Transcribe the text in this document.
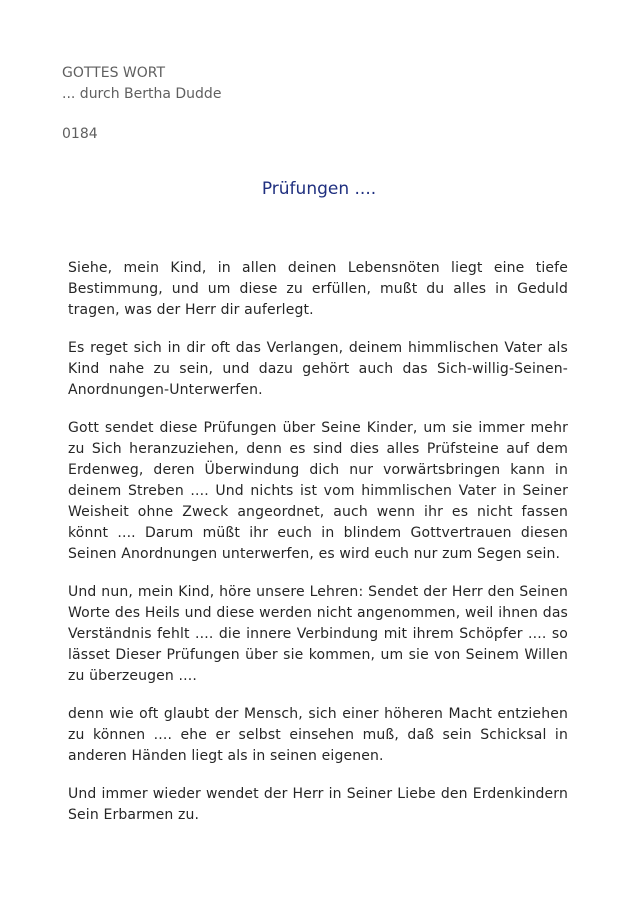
GOTTES WORT
... durch Bertha Dudde
0184
Prüfungen ....

Siehe, mein Kind, in allen deinen Lebensnöten liegt eine tiefe Bestimmung, und um diese zu erfüllen, mußt du alles in Geduld tragen, was der Herr dir auferlegt.

Es reget sich in dir oft das Verlangen, deinem himmlischen Vater als Kind nahe zu sein, und dazu gehört auch das Sich-willig-Seinen-Anordnungen-Unterwerfen.

Gott sendet diese Prüfungen über Seine Kinder, um sie immer mehr zu Sich heranzuziehen, denn es sind dies alles Prüfsteine auf dem Erdenweg, deren Überwindung dich nur vorwärtsbringen kann in deinem Streben .... Und nichts ist vom himmlischen Vater in Seiner Weisheit ohne Zweck angeordnet, auch wenn ihr es nicht fassen könnt .... Darum müßt ihr euch in blindem Gottvertrauen diesen Seinen Anordnungen unterwerfen, es wird euch nur zum Segen sein.

Und nun, mein Kind, höre unsere Lehren: Sendet der Herr den Seinen Worte des Heils und diese werden nicht angenommen, weil ihnen das Verständnis fehlt .... die innere Verbindung mit ihrem Schöpfer .... so lässet Dieser Prüfungen über sie kommen, um sie von Seinem Willen zu überzeugen ....

denn wie oft glaubt der Mensch, sich einer höheren Macht entziehen zu können .... ehe er selbst einsehen muß, daß sein Schicksal in anderen Händen liegt als in seinen eigenen.

Und immer wieder wendet der Herr in Seiner Liebe den Erdenkindern Sein Erbarmen zu.
